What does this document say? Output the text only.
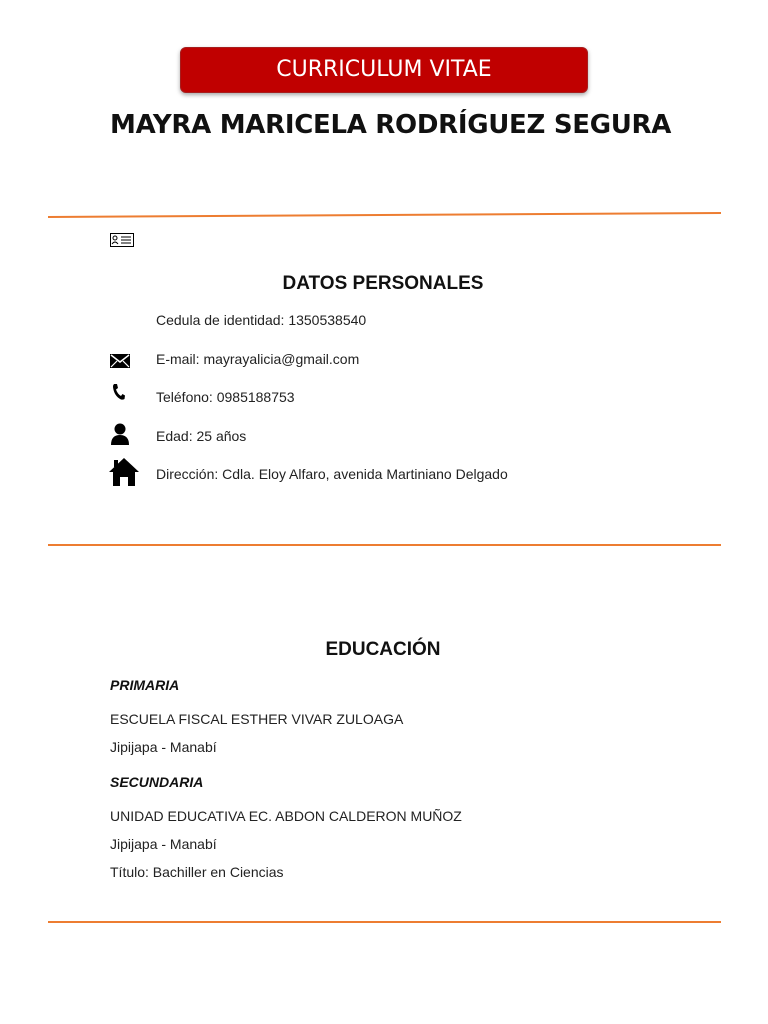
CURRICULUM VITAE
MAYRA MARICELA RODRÍGUEZ SEGURA
DATOS PERSONALES
Cedula de identidad: 1350538540
E-mail: mayrayalicia@gmail.com
Teléfono: 0985188753
Edad: 25 años
Dirección: Cdla. Eloy Alfaro, avenida Martiniano Delgado
EDUCACIÓN
PRIMARIA
ESCUELA FISCAL ESTHER VIVAR ZULOAGA
Jipijapa - Manabí
SECUNDARIA
UNIDAD EDUCATIVA EC. ABDON CALDERON MUÑOZ
Jipijapa - Manabí
Título: Bachiller en Ciencias
